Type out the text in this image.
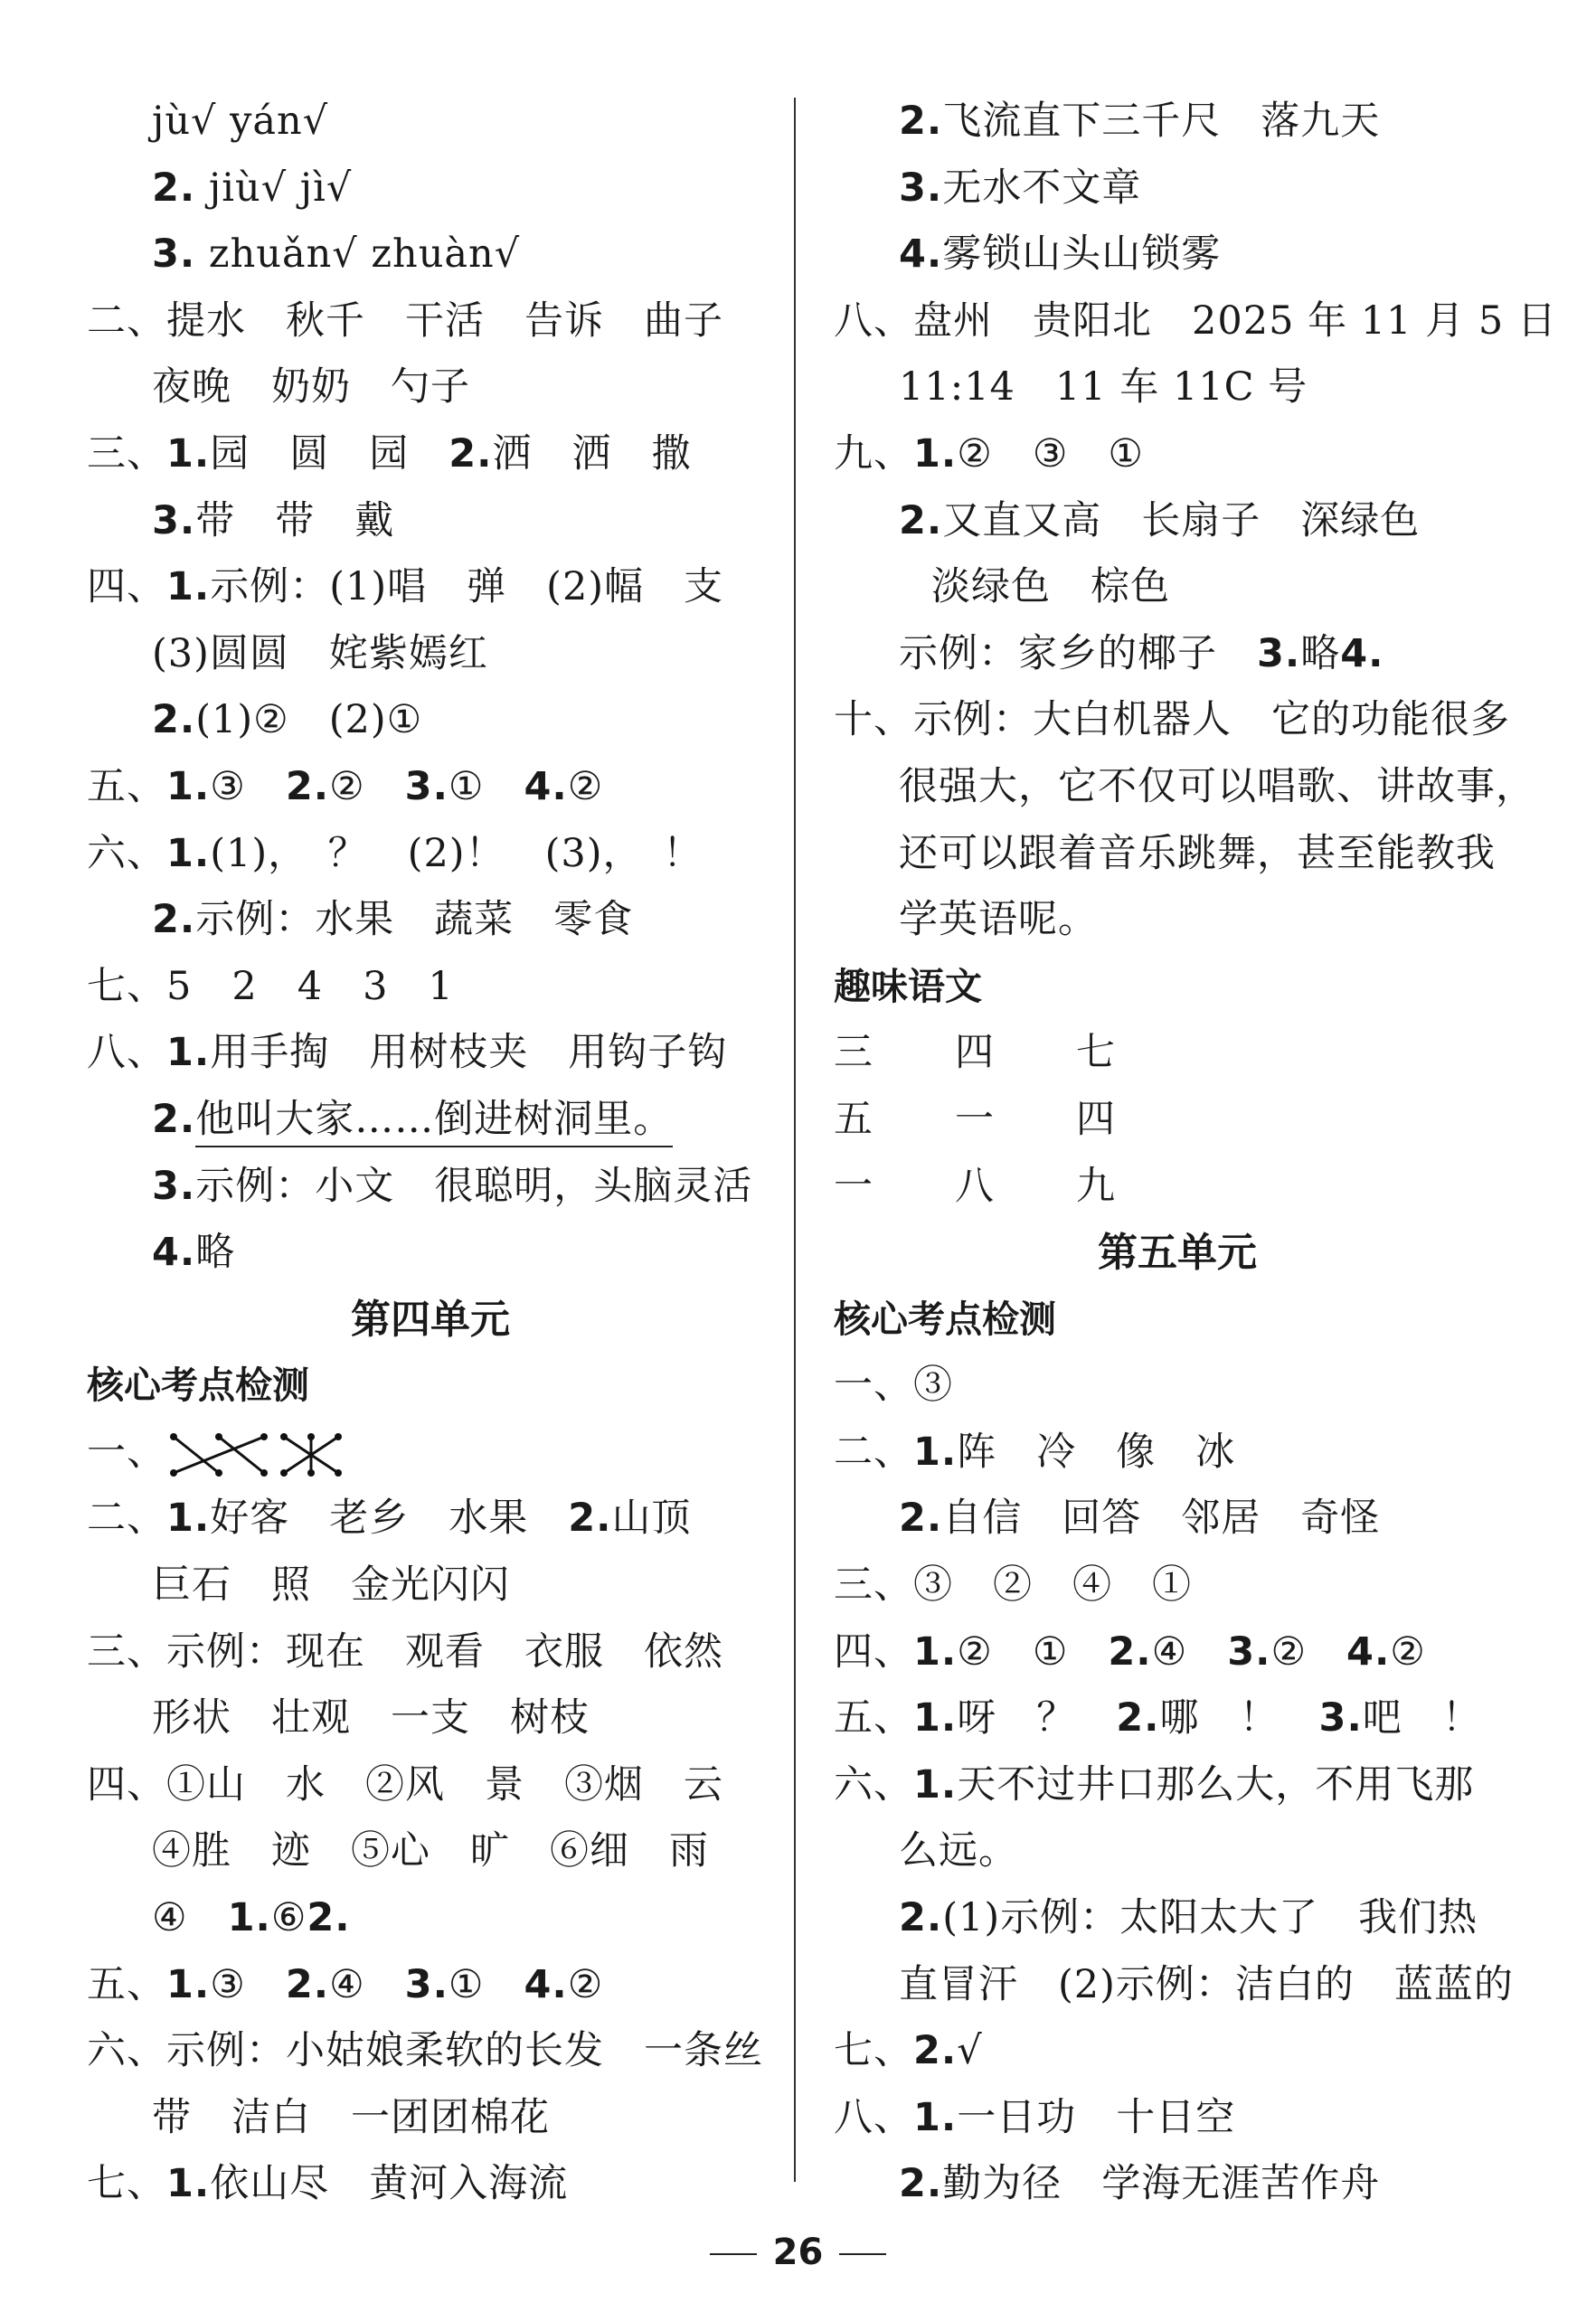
jù√ yán√
2. jiù√ jì√
3. zhuǎn√ zhuàn√
二、提水　秋千　干活　告诉　曲子
夜晚　奶奶　勺子
三、1.园　圆　园　2.洒　洒　撒
3.带　带　戴
四、1.示例：(1)唱　弹　(2)幅　支
(3)圆圆　姹紫嫣红
2.(1)②　(2)①
五、1.③　2.②　3.①　4.②
六、1.(1)，　？　(2)！　(3)，　！
2.示例：水果　蔬菜　零食
七、5　2　4　3　1
八、1.用手掏　用树枝夹　用钩子钩
2.他叫大家……倒进树洞里。
3.示例：小文　很聪明，头脑灵活
4.略
第四单元
核心考点检测
一、
二、1.好客　老乡　水果　2.山顶
巨石　照　金光闪闪
三、示例：现在　观看　衣服　依然
形状　壮观　一支　树枝
四、①山　水　②风　景　③烟　云
④胜　迹　⑤心　旷　⑥细　雨
④　1.⑥2.
五、1.③　2.④　3.①　4.②
六、示例：小姑娘柔软的长发　一条丝
带　洁白　一团团棉花
七、1.依山尽　黄河入海流
2.飞流直下三千尺　落九天
3.无水不文章
4.雾锁山头山锁雾
八、盘州　贵阳北　2025 年 11 月 5 日
11:14　11 车 11C 号
九、1.②　③　①
2.又直又高　长扇子　深绿色
淡绿色　棕色
示例：家乡的椰子　3.略4.
十、示例：大白机器人　它的功能很多
很强大，它不仅可以唱歌、讲故事，
还可以跟着音乐跳舞，甚至能教我
学英语呢。
趣味语文
三 四 七
五 一 四
一 八 九
第五单元
核心考点检测
一、③
二、1.阵　冷　像　冰
2.自信　回答　邻居　奇怪
三、③　②　④　①
四、1.②　①　2.④　3.②　4.②
五、1.呀　？　2.哪　！　3.吧　！
六、1.天不过井口那么大，不用飞那
么远。
2.(1)示例：太阳太大了　我们热
直冒汗　(2)示例：洁白的　蓝蓝的
七、2.√
八、1.一日功　十日空
2.勤为径　学海无涯苦作舟
26
